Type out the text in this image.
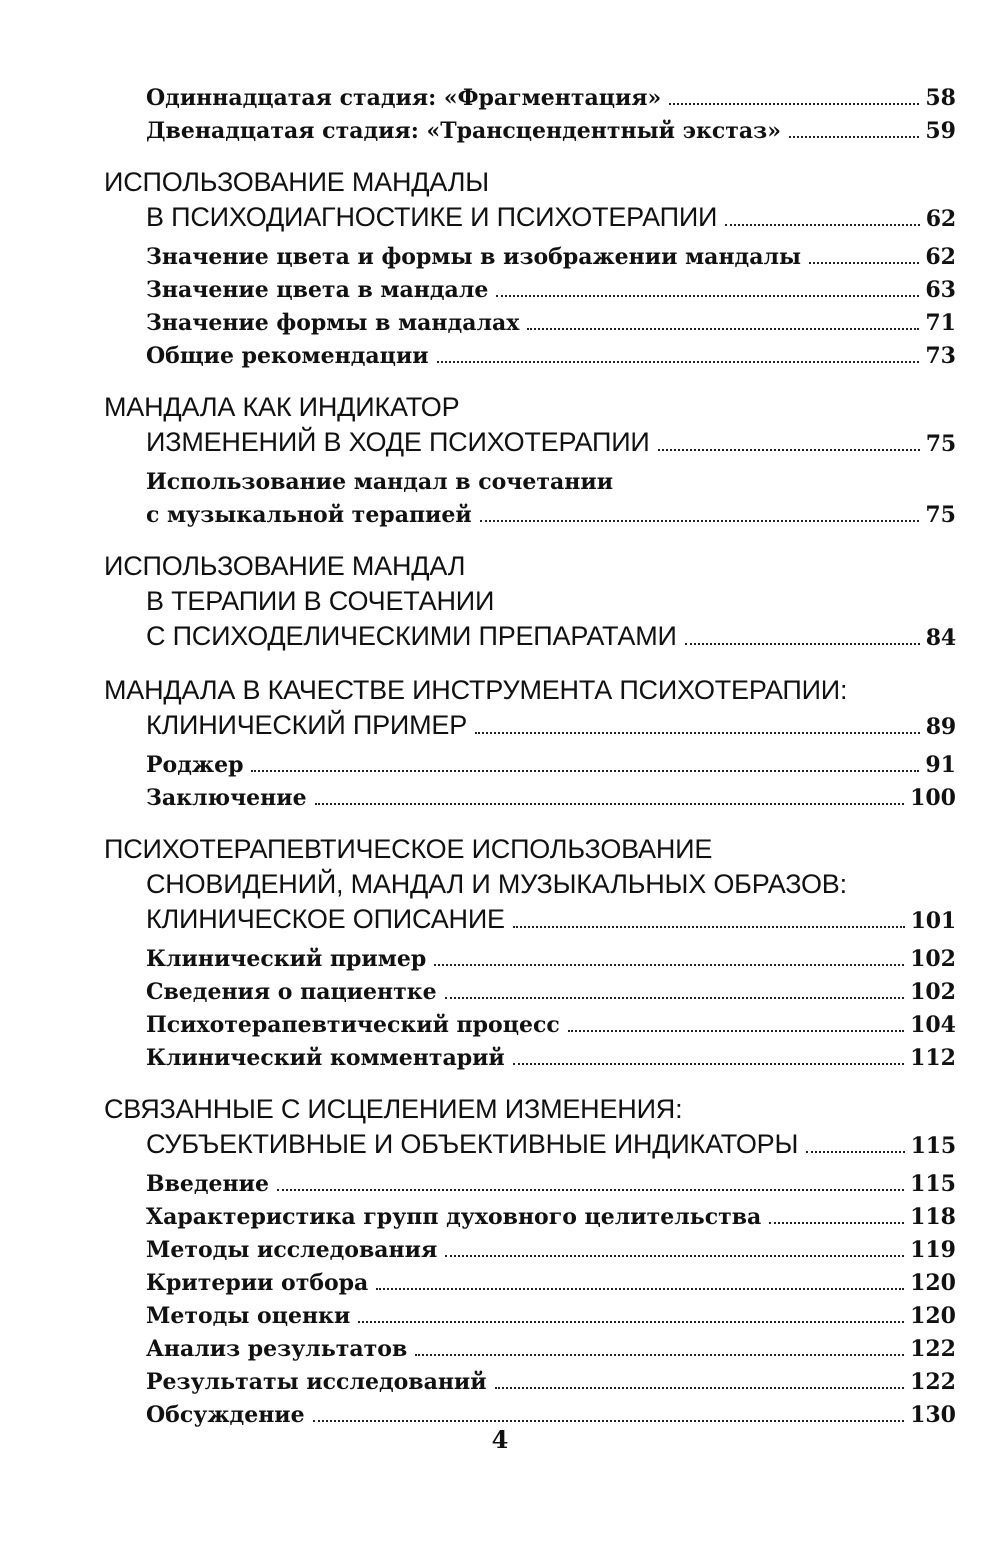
Одиннадцатая стадия: «Фрагментация»	58
Двенадцатая стадия: «Трансцендентный экстаз»	59
ИСПОЛЬЗОВАНИЕ МАНДАЛЫ
В ПСИХОДИАГНОСТИКЕ И ПСИХОТЕРАПИИ	62
Значение цвета и формы в изображении мандалы	62
Значение цвета в мандале	63
Значение формы в мандалах	71
Общие рекомендации	73
МАНДАЛА КАК ИНДИКАТОР
ИЗМЕНЕНИЙ В ХОДЕ ПСИХОТЕРАПИИ	75
Использование мандал в сочетании
с музыкальной терапией	75
ИСПОЛЬЗОВАНИЕ МАНДАЛ
В ТЕРАПИИ В СОЧЕТАНИИ
С ПСИХОДЕЛИЧЕСКИМИ ПРЕПАРАТАМИ	84
МАНДАЛА В КАЧЕСТВЕ ИНСТРУМЕНТА ПСИХОТЕРАПИИ:
КЛИНИЧЕСКИЙ ПРИМЕР	89
Роджер	91
Заключение	100
ПСИХОТЕРАПЕВТИЧЕСКОЕ ИСПОЛЬЗОВАНИЕ
СНОВИДЕНИЙ, МАНДАЛ И МУЗЫКАЛЬНЫХ ОБРАЗОВ:
КЛИНИЧЕСКОЕ ОПИСАНИЕ	101
Клинический пример	102
Сведения о пациентке	102
Психотерапевтический процесс	104
Клинический комментарий	112
СВЯЗАННЫЕ С ИСЦЕЛЕНИЕМ ИЗМЕНЕНИЯ:
СУБЪЕКТИВНЫЕ И ОБЪЕКТИВНЫЕ ИНДИКАТОРЫ	115
Введение	115
Характеристика групп духовного целительства	118
Методы исследования	119
Критерии отбора	120
Методы оценки	120
Анализ результатов	122
Результаты исследований	122
Обсуждение	130
4
